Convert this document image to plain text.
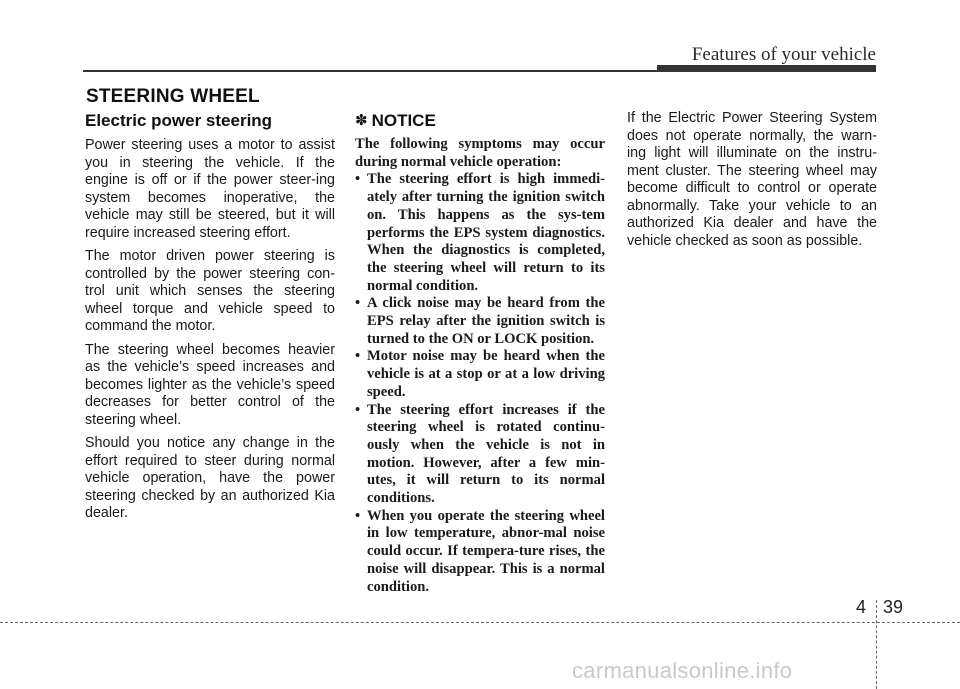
Features of your vehicle
STEERING WHEEL
Electric power steering

Power steering uses a motor to assist you in steering the vehicle. If the engine is off or if the power steer-ing system becomes inoperative, the vehicle may still be steered, but it will require increased steering effort.

The motor driven power steering is controlled by the power steering con-trol unit which senses the steering wheel torque and vehicle speed to command the motor.

The steering wheel becomes heavier as the vehicle’s speed increases and becomes lighter as the vehicle’s speed decreases for better control of the steering wheel.

Should you notice any change in the effort required to steer during normal vehicle operation, have the power steering checked by an authorized Kia dealer.

✽ NOTICE

The following symptoms may occur during normal vehicle operation:

• The steering effort is high immedi-ately after turning the ignition switch on. This happens as the sys-tem performs the EPS system diagnostics. When the diagnostics is completed, the steering wheel will return to its normal condition.
• A click noise may be heard from the EPS relay after the ignition switch is turned to the ON or LOCK position.
• Motor noise may be heard when the vehicle is at a stop or at a low driving speed.
• The steering effort increases if the steering wheel is rotated continu-ously when the vehicle is not in motion. However, after a few min-utes, it will return to its normal conditions.
• When you operate the steering wheel in low temperature, abnor-mal noise could occur. If tempera-ture rises, the noise will disappear. This is a normal condition.

If the Electric Power Steering System does not operate normally, the warn-ing light will illuminate on the instru-ment cluster. The steering wheel may become difficult to control or operate abnormally. Take your vehicle to an authorized Kia dealer and have the vehicle checked as soon as possible.

4 39
carmanualsonline.info
